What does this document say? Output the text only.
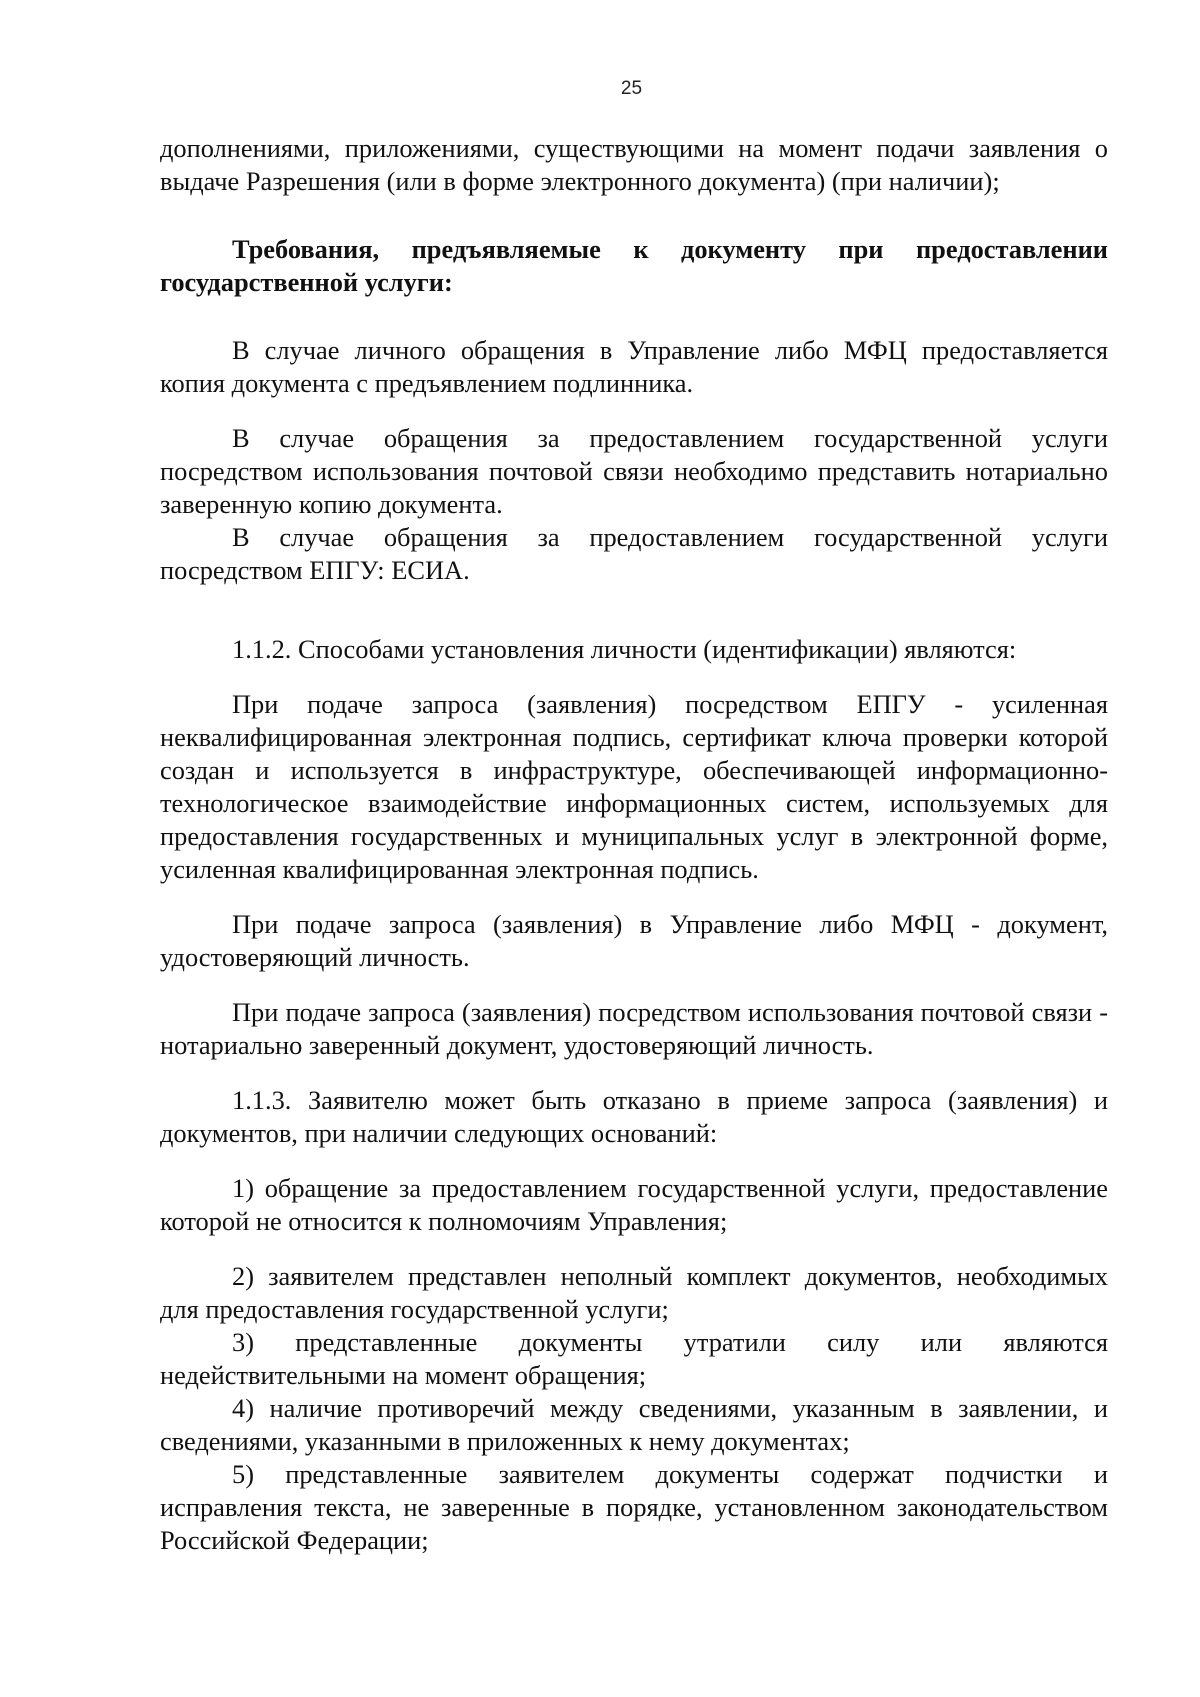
25

дополнениями, приложениями, существующими на момент подачи заявления о выдаче Разрешения (или в форме электронного документа) (при наличии);

Требования, предъявляемые к документу при предоставлении государственной услуги:

В случае личного обращения в Управление либо МФЦ предоставляется копия документа с предъявлением подлинника.

В случае обращения за предоставлением государственной услуги посредством использования почтовой связи необходимо представить нотариально заверенную копию документа.

В случае обращения за предоставлением государственной услуги посредством ЕПГУ: ЕСИА.

1.1.2. Способами установления личности (идентификации) являются:

При подаче запроса (заявления) посредством ЕПГУ - усиленная неквалифицированная электронная подпись, сертификат ключа проверки которой создан и используется в инфраструктуре, обеспечивающей информационно-технологическое взаимодействие информационных систем, используемых для предоставления государственных и муниципальных услуг в электронной форме, усиленная квалифицированная электронная подпись.

При подаче запроса (заявления) в Управление либо МФЦ - документ, удостоверяющий личность.

При подаче запроса (заявления) посредством использования почтовой связи - нотариально заверенный документ, удостоверяющий личность.

1.1.3. Заявителю может быть отказано в приеме запроса (заявления) и документов, при наличии следующих оснований:

1) обращение за предоставлением государственной услуги, предоставление которой не относится к полномочиям Управления;

2) заявителем представлен неполный комплект документов, необходимых для предоставления государственной услуги;

3) представленные документы утратили силу или являются недействительными на момент обращения;

4) наличие противоречий между сведениями, указанным в заявлении, и сведениями, указанными в приложенных к нему документах;

5) представленные заявителем документы содержат подчистки и исправления текста, не заверенные в порядке, установленном законодательством Российской Федерации;
